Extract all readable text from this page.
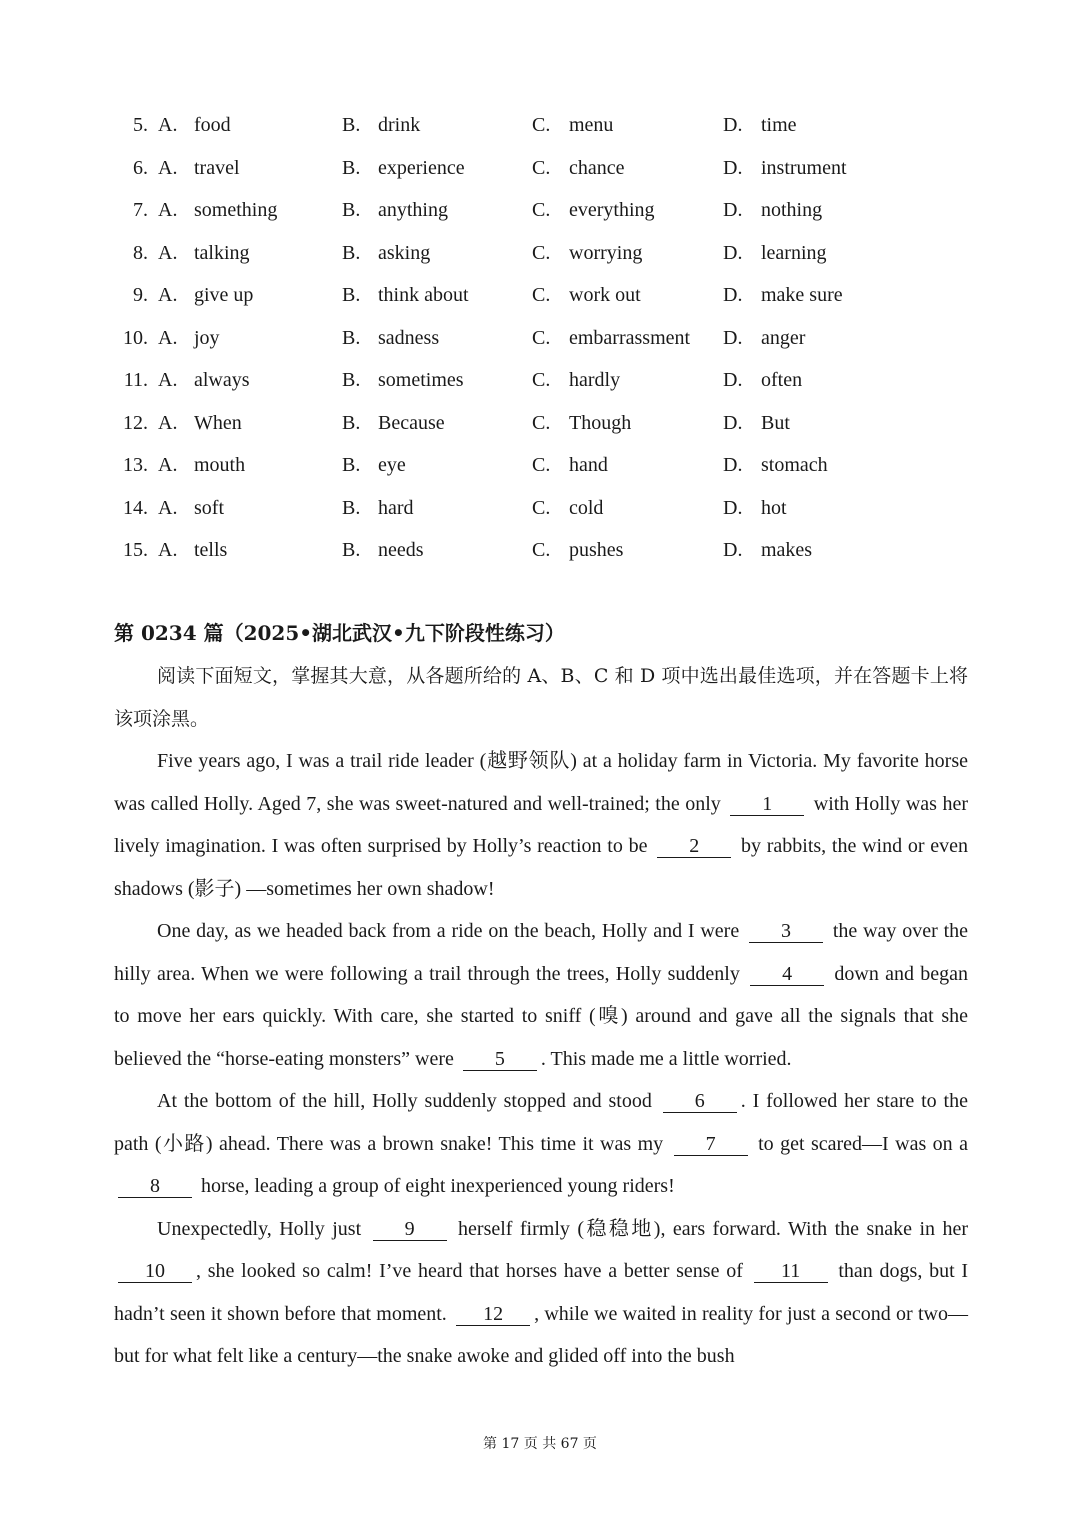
5. A. food	B. drink	C. menu	D. time
6. A. travel	B. experience	C. chance	D. instrument
7. A. something	B. anything	C. everything	D. nothing
8. A. talking	B. asking	C. worrying	D. learning
9. A. give up	B. think about	C. work out	D. make sure
10. A. joy	B. sadness	C. embarrassment D. anger
11. A. always	B. sometimes	C. hardly	D. often
12. A. When	B. Because	C. Though	D. But
13. A. mouth	B. eye	C. hand	D. stomach
14. A. soft	B. hard	C. cold	D. hot
15. A. tells	B. needs	C. pushes	D. makes
第 0234 篇（2025•湖北武汉•九下阶段性练习）

阅读下面短文，掌握其大意，从各题所给的 A、B、C 和 D 项中选出最佳选项，并在答题卡上将该项涂黑。

Five years ago, I was a trail ride leader (越野领队) at a holiday farm in Victoria. My favorite horse was called Holly. Aged 7, she was sweet-natured and well-trained; the only 1 with Holly was her lively imagination. I was often surprised by Holly’s reaction to be 2 by rabbits, the wind or even shadows (影子) —sometimes her own shadow!

One day, as we headed back from a ride on the beach, Holly and I were 3 the way over the hilly area. When we were following a trail through the trees, Holly suddenly 4 down and began to move her ears quickly. With care, she started to sniff (嗅) around and gave all the signals that she believed the “horse-eating monsters” were 5 . This made me a little worried.

At the bottom of the hill, Holly suddenly stopped and stood 6 . I followed her stare to the path (小路) ahead. There was a brown snake! This time it was my 7 to get scared—I was on a 8 horse, leading a group of eight inexperienced young riders!

Unexpectedly, Holly just 9 herself firmly (稳稳地), ears forward. With the snake in her 10 , she looked so calm! I’ve heard that horses have a better sense of 11 than dogs, but I hadn’t seen it shown before that moment. 12 , while we waited in reality for just a second or two—but for what felt like a century—the snake awoke and glided off into the bush

第 17 页 共 67 页
